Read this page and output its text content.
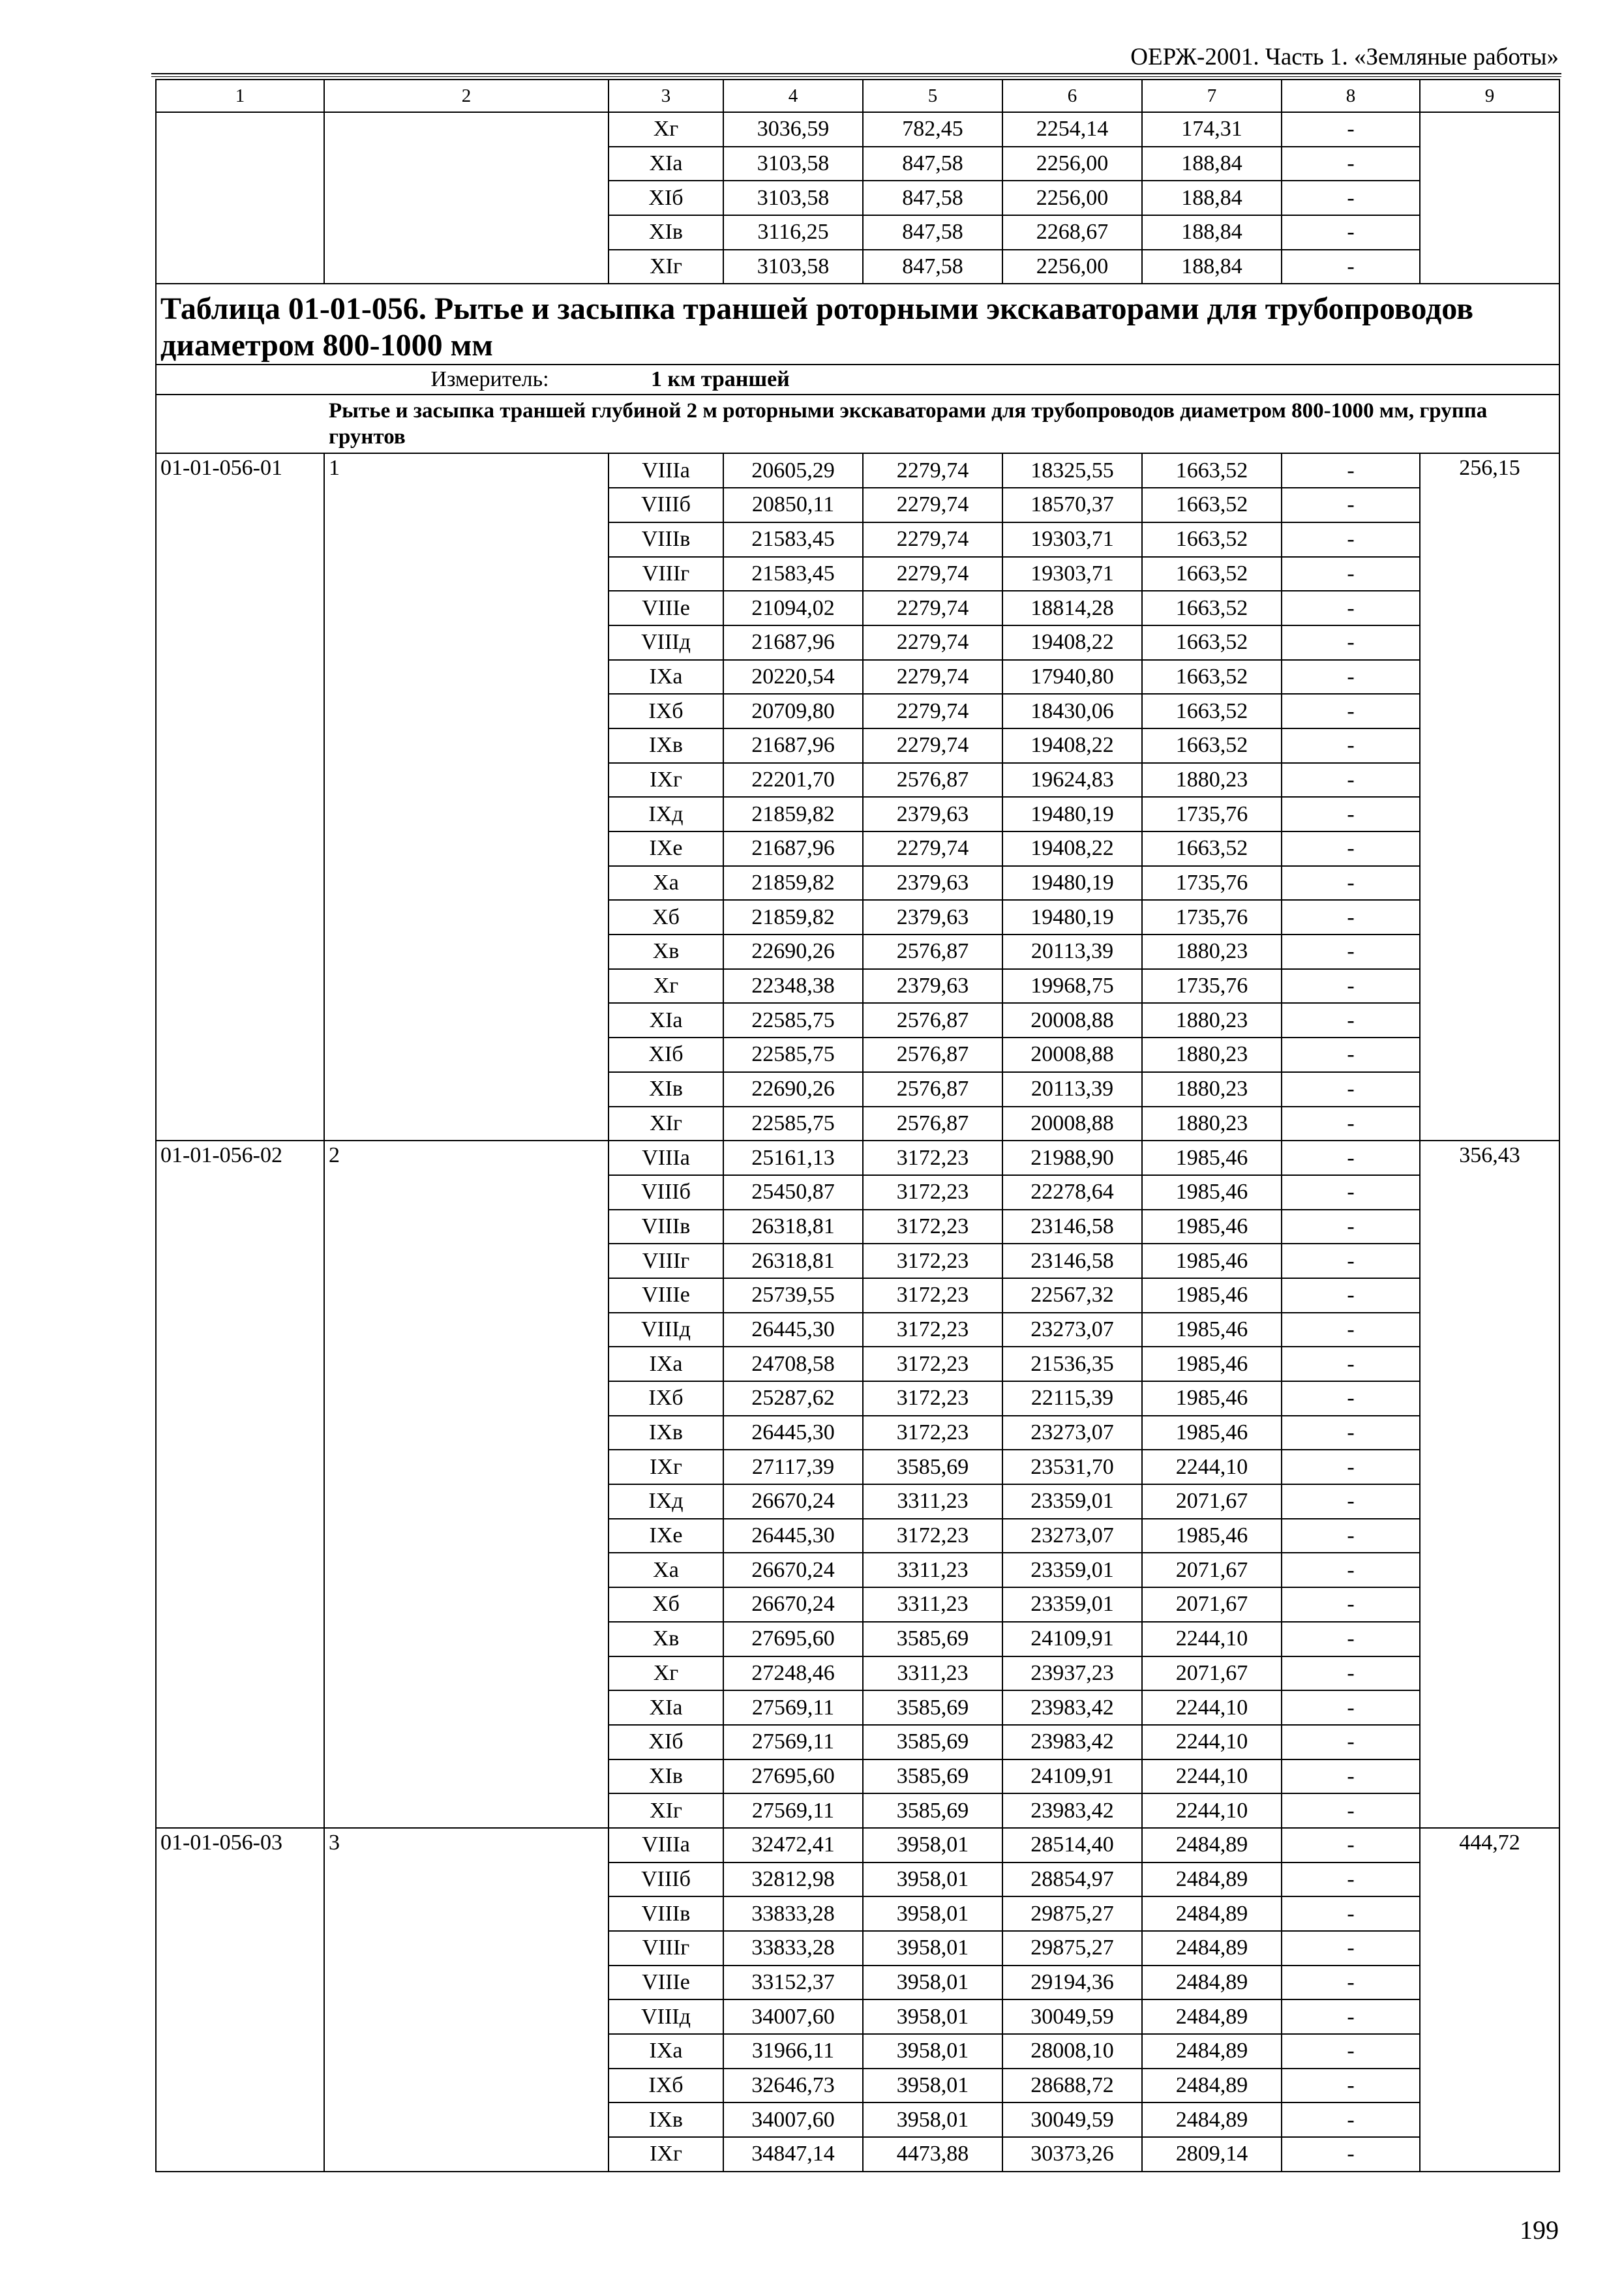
ОЕРЖ-2001. Часть 1. «Земляные работы»
1	2	3	4	5	6	7	8	9
		Хг	3036,59	782,45	2254,14	174,31	-	
		XIa	3103,58	847,58	2256,00	188,84	-	
		XIб	3103,58	847,58	2256,00	188,84	-	
		XIв	3116,25	847,58	2268,67	188,84	-	
		XIг	3103,58	847,58	2256,00	188,84	-	
Таблица 01-01-056. Рытье и засыпка траншей роторными экскаваторами для трубопроводов диаметром 800-1000 мм								

Измеритель: 1 км траншей								

Рытье и засыпка траншей глубиной 2 м роторными экскаваторами для трубопроводов диаметром 800-1000 мм, группа грунтов								

01-01-056-01	1	VIIIa	20605,29	2279,74	18325,55	1663,52	-	256,15
		VIIIб	20850,11	2279,74	18570,37	1663,52	-	
		VIIIв	21583,45	2279,74	19303,71	1663,52	-	
		VIIIг	21583,45	2279,74	19303,71	1663,52	-	
		VIIIe	21094,02	2279,74	18814,28	1663,52	-	
		VIIIд	21687,96	2279,74	19408,22	1663,52	-	
		IXa	20220,54	2279,74	17940,80	1663,52	-	
		IXб	20709,80	2279,74	18430,06	1663,52	-	
		IXв	21687,96	2279,74	19408,22	1663,52	-	
		IXг	22201,70	2576,87	19624,83	1880,23	-	
		IXд	21859,82	2379,63	19480,19	1735,76	-	
		IXe	21687,96	2279,74	19408,22	1663,52	-	
		Xa	21859,82	2379,63	19480,19	1735,76	-	
		Xб	21859,82	2379,63	19480,19	1735,76	-	
		Xв	22690,26	2576,87	20113,39	1880,23	-	
		Xг	22348,38	2379,63	19968,75	1735,76	-	
		XIa	22585,75	2576,87	20008,88	1880,23	-	
		XIб	22585,75	2576,87	20008,88	1880,23	-	
		XIв	22690,26	2576,87	20113,39	1880,23	-	
		XIг	22585,75	2576,87	20008,88	1880,23	-	
01-01-056-02	2	VIIIa	25161,13	3172,23	21988,90	1985,46	-	356,43
		VIIIб	25450,87	3172,23	22278,64	1985,46	-	
		VIIIв	26318,81	3172,23	23146,58	1985,46	-	
		VIIIг	26318,81	3172,23	23146,58	1985,46	-	
		VIIIe	25739,55	3172,23	22567,32	1985,46	-	
		VIIIд	26445,30	3172,23	23273,07	1985,46	-	
		IXa	24708,58	3172,23	21536,35	1985,46	-	
		IXб	25287,62	3172,23	22115,39	1985,46	-	
		IXв	26445,30	3172,23	23273,07	1985,46	-	
		IXг	27117,39	3585,69	23531,70	2244,10	-	
		IXд	26670,24	3311,23	23359,01	2071,67	-	
		IXe	26445,30	3172,23	23273,07	1985,46	-	
		Xa	26670,24	3311,23	23359,01	2071,67	-	
		Xб	26670,24	3311,23	23359,01	2071,67	-	
		Xв	27695,60	3585,69	24109,91	2244,10	-	
		Xг	27248,46	3311,23	23937,23	2071,67	-	
		XIa	27569,11	3585,69	23983,42	2244,10	-	
		XIб	27569,11	3585,69	23983,42	2244,10	-	
		XIв	27695,60	3585,69	24109,91	2244,10	-	
		XIг	27569,11	3585,69	23983,42	2244,10	-	
01-01-056-03	3	VIIIa	32472,41	3958,01	28514,40	2484,89	-	444,72
		VIIIб	32812,98	3958,01	28854,97	2484,89	-	
		VIIIв	33833,28	3958,01	29875,27	2484,89	-	
		VIIIг	33833,28	3958,01	29875,27	2484,89	-	
		VIIIe	33152,37	3958,01	29194,36	2484,89	-	
		VIIIд	34007,60	3958,01	30049,59	2484,89	-	
		IXa	31966,11	3958,01	28008,10	2484,89	-	
		IXб	32646,73	3958,01	28688,72	2484,89	-	
		IXв	34007,60	3958,01	30049,59	2484,89	-	
		IXг	34847,14	4473,88	30373,26	2809,14	-	
199
